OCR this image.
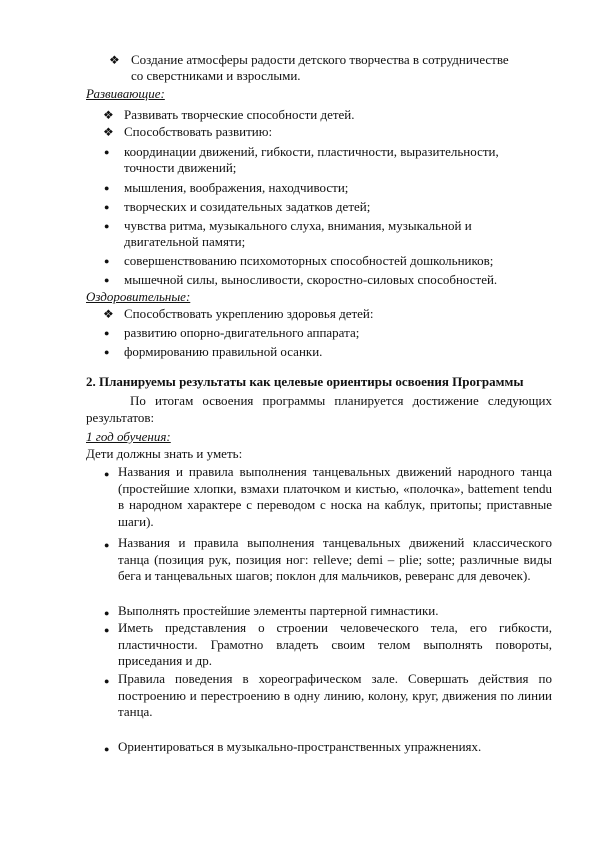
❖ Создание атмосферы радости детского творчества в сотрудничестве
со сверстниками и взрослыми.
Развивающие:
❖ Развивать творческие способности детей.
❖ Способствовать развитию:
● координации движений, гибкости, пластичности, выразительности,
точности движений;
● мышления, воображения, находчивости;
● творческих и созидательных задатков детей;
● чувства ритма, музыкального слуха, внимания, музыкальной и
двигательной памяти;
● совершенствованию психомоторных способностей дошкольников;
● мышечной силы, выносливости, скоростно-силовых способностей.
Оздоровительные:
❖ Способствовать укреплению здоровья детей:
● развитию опорно-двигательного аппарата;
● формированию правильной осанки.
2. Планируемы результаты как целевые ориентиры освоения Программы
По итогам освоения программы планируется достижение следующих результатов:
1 год обучения:
Дети должны знать и уметь:
● Названия и правила выполнения танцевальных движений народного танца (простейшие хлопки, взмахи платочком и кистью, «полочка», battement tendu в народном характере с переводом с носка на каблук, притопы; приставные шаги).
● Названия и правила выполнения танцевальных движений классического танца (позиция рук, позиция ног: relleve; demi – plie; sotte; различные виды бега и танцевальных шагов; поклон для мальчиков, реверанс для девочек).
● Выполнять простейшие элементы партерной гимнастики.
● Иметь представления о строении человеческого тела, его гибкости, пластичности. Грамотно владеть своим телом выполнять повороты, приседания и др.
● Правила поведения в хореографическом зале. Совершать действия по построению и перестроению в одну линию, колону, круг, движения по линии танца.
● Ориентироваться в музыкально-пространственных упражнениях.
